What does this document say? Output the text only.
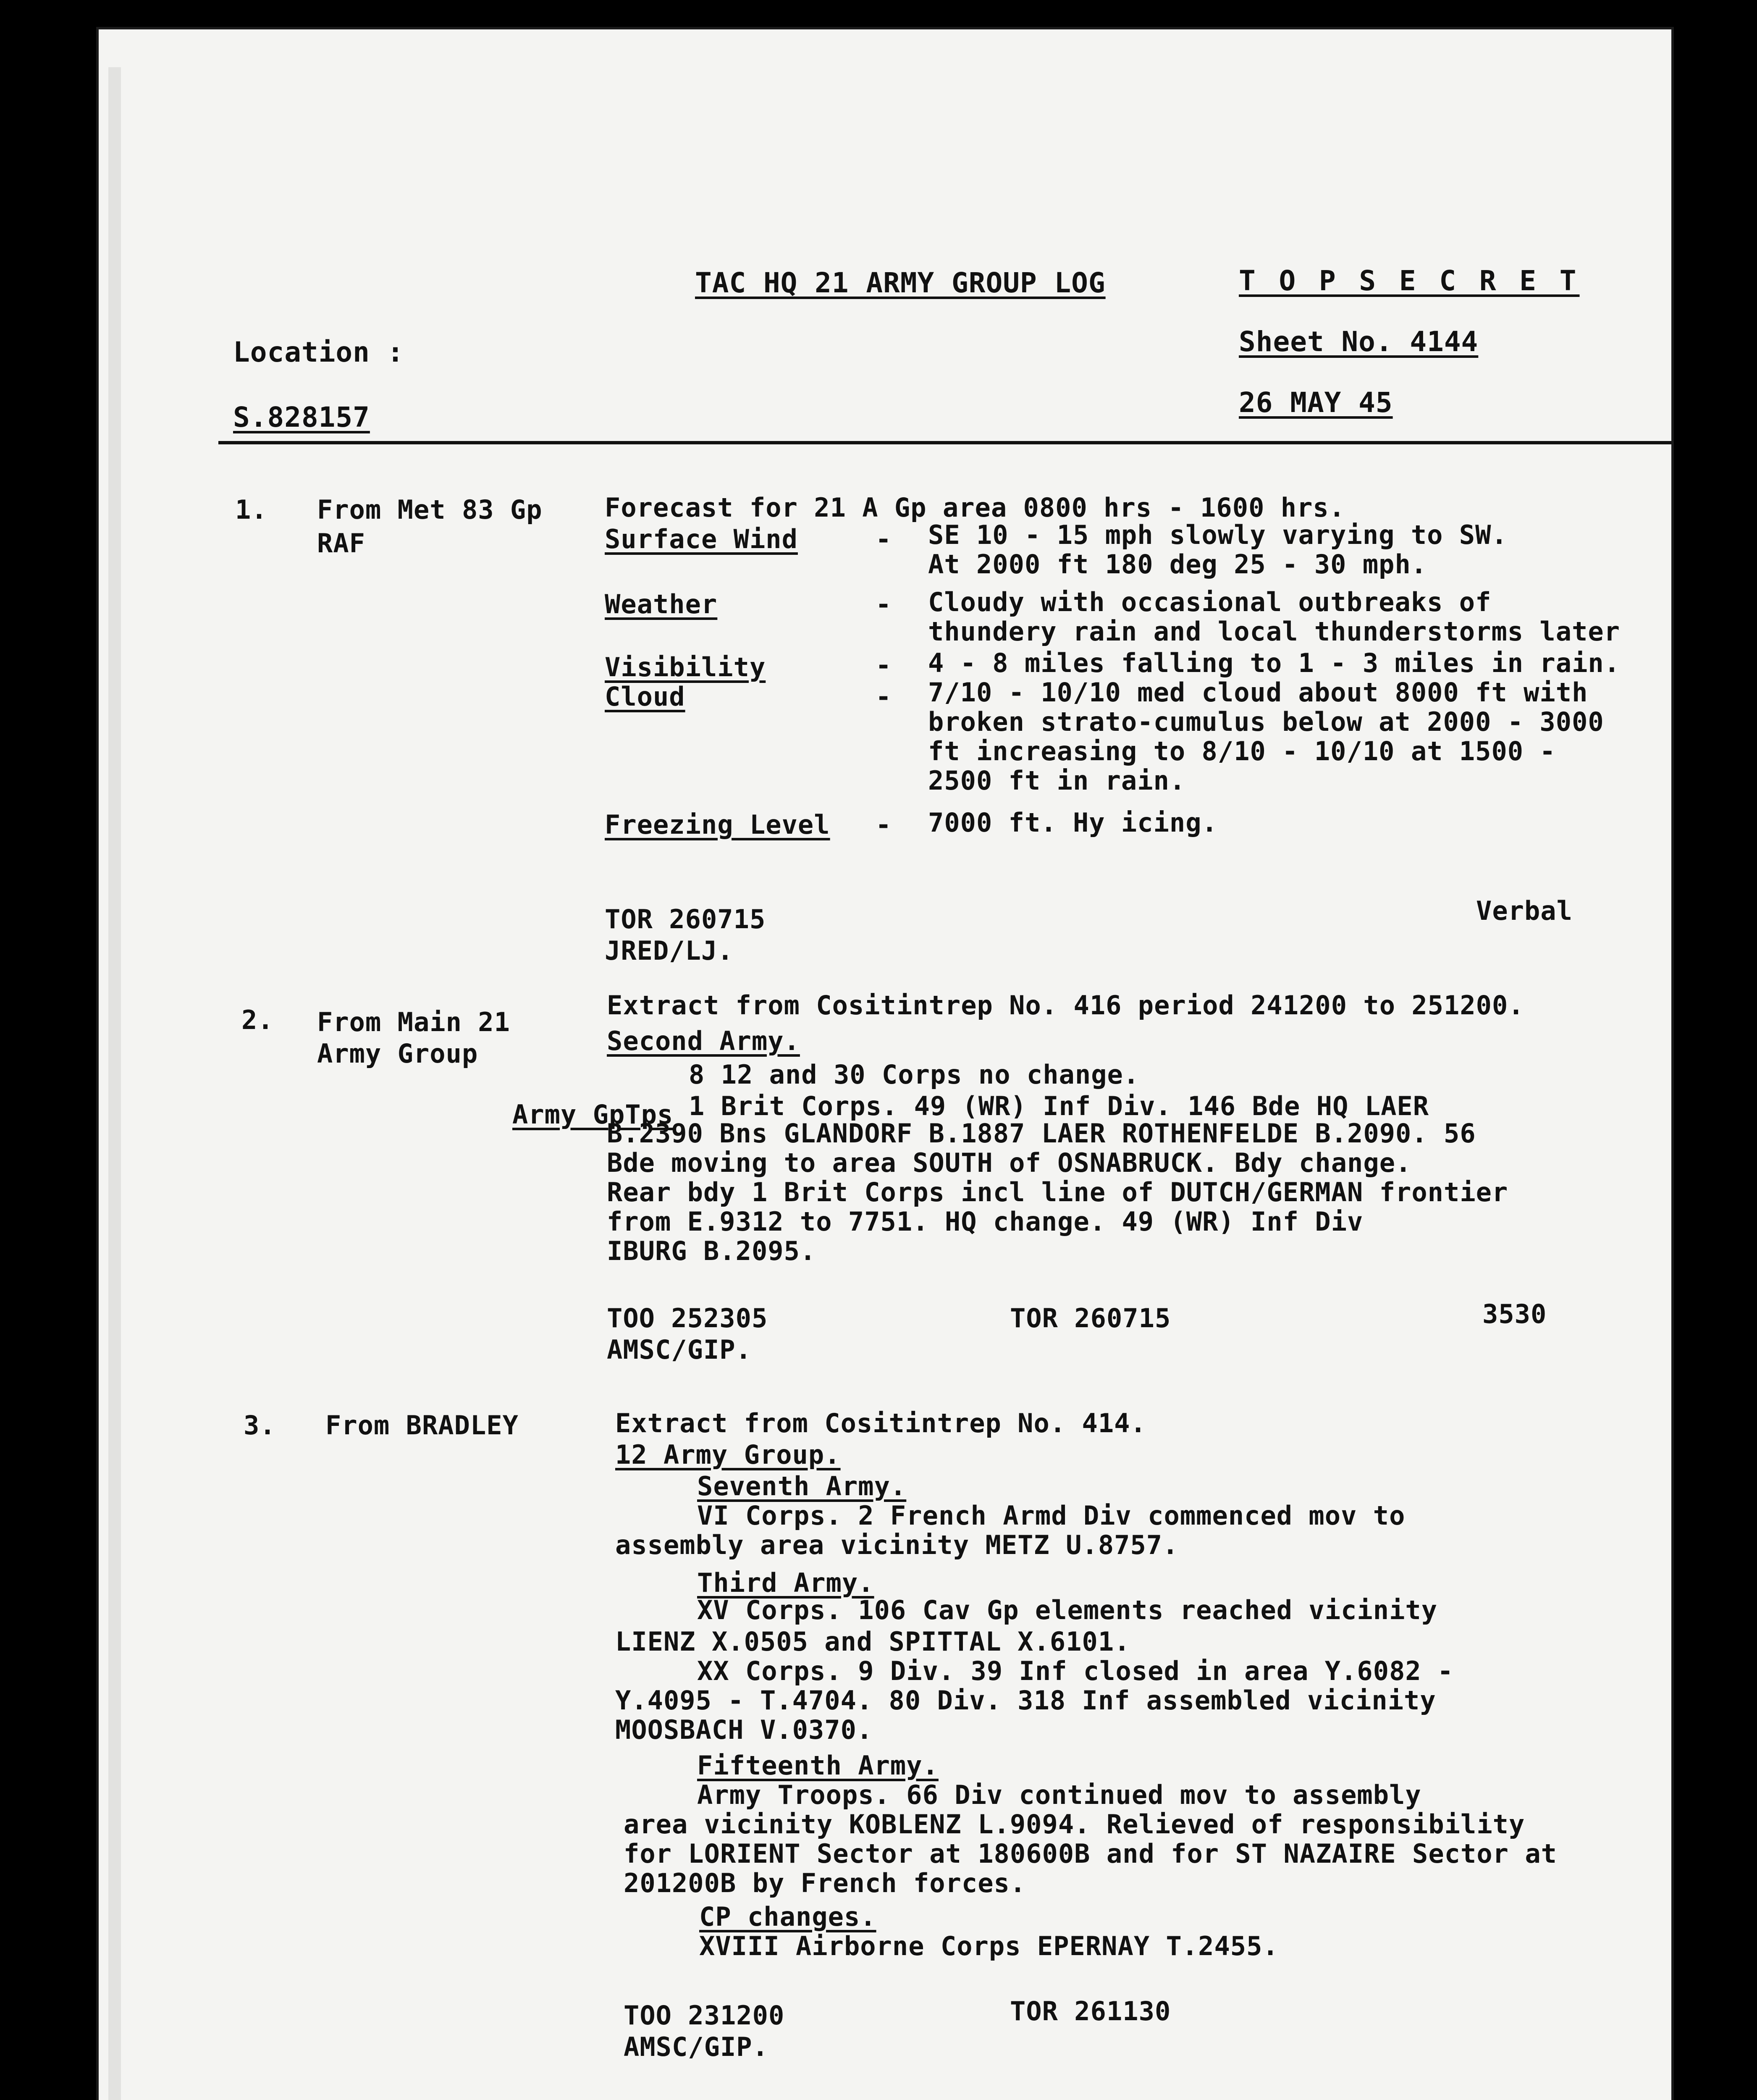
TAC HQ 21 ARMY GROUP LOG	T O P S E C R E T
Sheet No. 4144
Location :
S.828157	26 MAY 45
1. From Met 83 Gp
RAF
Forecast for 21 A Gp area 0800 hrs - 1600 hrs.
Surface Wind	- SE 10 - 15 mph slowly varying to SW.
At 2000 ft 180 deg 25 - 30 mph.
Weather	- Cloudy with occasional outbreaks of
thundery rain and local thunderstorms later
Visibility	- 4 - 8 miles falling to 1 - 3 miles in rain.
Cloud	- 7/10 - 10/10 med cloud about 8000 ft with
broken strato-cumulus below at 2000 - 3000
ft increasing to 8/10 - 10/10 at 1500 -
2500 ft in rain.
Freezing Level - 7000 ft. Hy icing.
TOR 260715
JRED/LJ.
Verbal
2. From Main 21
Army Group
Extract from Cositintrep No. 416 period 241200 to 251200.
Second Army.
8 12 and 30 Corps no change.
Army GpTps 1 Brit Corps. 49 (WR) Inf Div. 146 Bde HQ LAER
B.2390 Bns GLANDORF B.1887 LAER ROTHENFELDE B.2090. 56
Bde moving to area SOUTH of OSNABRUCK. Bdy change.
Rear bdy 1 Brit Corps incl line of DUTCH/GERMAN frontier
from E.9312 to 7751. HQ change. 49 (WR) Inf Div
IBURG B.2095.
TOO 252305	TOR 260715	3530
AMSC/GIP.
3. From BRADLEY	Extract from Cositintrep No. 414.
12 Army Group.
Seventh Army.
VI Corps. 2 French Armd Div commenced mov to
assembly area vicinity METZ U.8757.
Third Army.
XV Corps. 106 Cav Gp elements reached vicinity
LIENZ X.0505 and SPITTAL X.6101.
XX Corps. 9 Div. 39 Inf closed in area Y.6082 -
Y.4095 - T.4704. 80 Div. 318 Inf assembled vicinity
MOOSBACH V.0370.
Fifteenth Army.
Army Troops. 66 Div continued mov to assembly
area vicinity KOBLENZ L.9094. Relieved of responsibility
for LORIENT Sector at 180600B and for ST NAZAIRE Sector at
201200B by French forces.
CP changes.
XVIII Airborne Corps EPERNAY T.2455.
TOO 231200	TOR 261130
AMSC/GIP.
